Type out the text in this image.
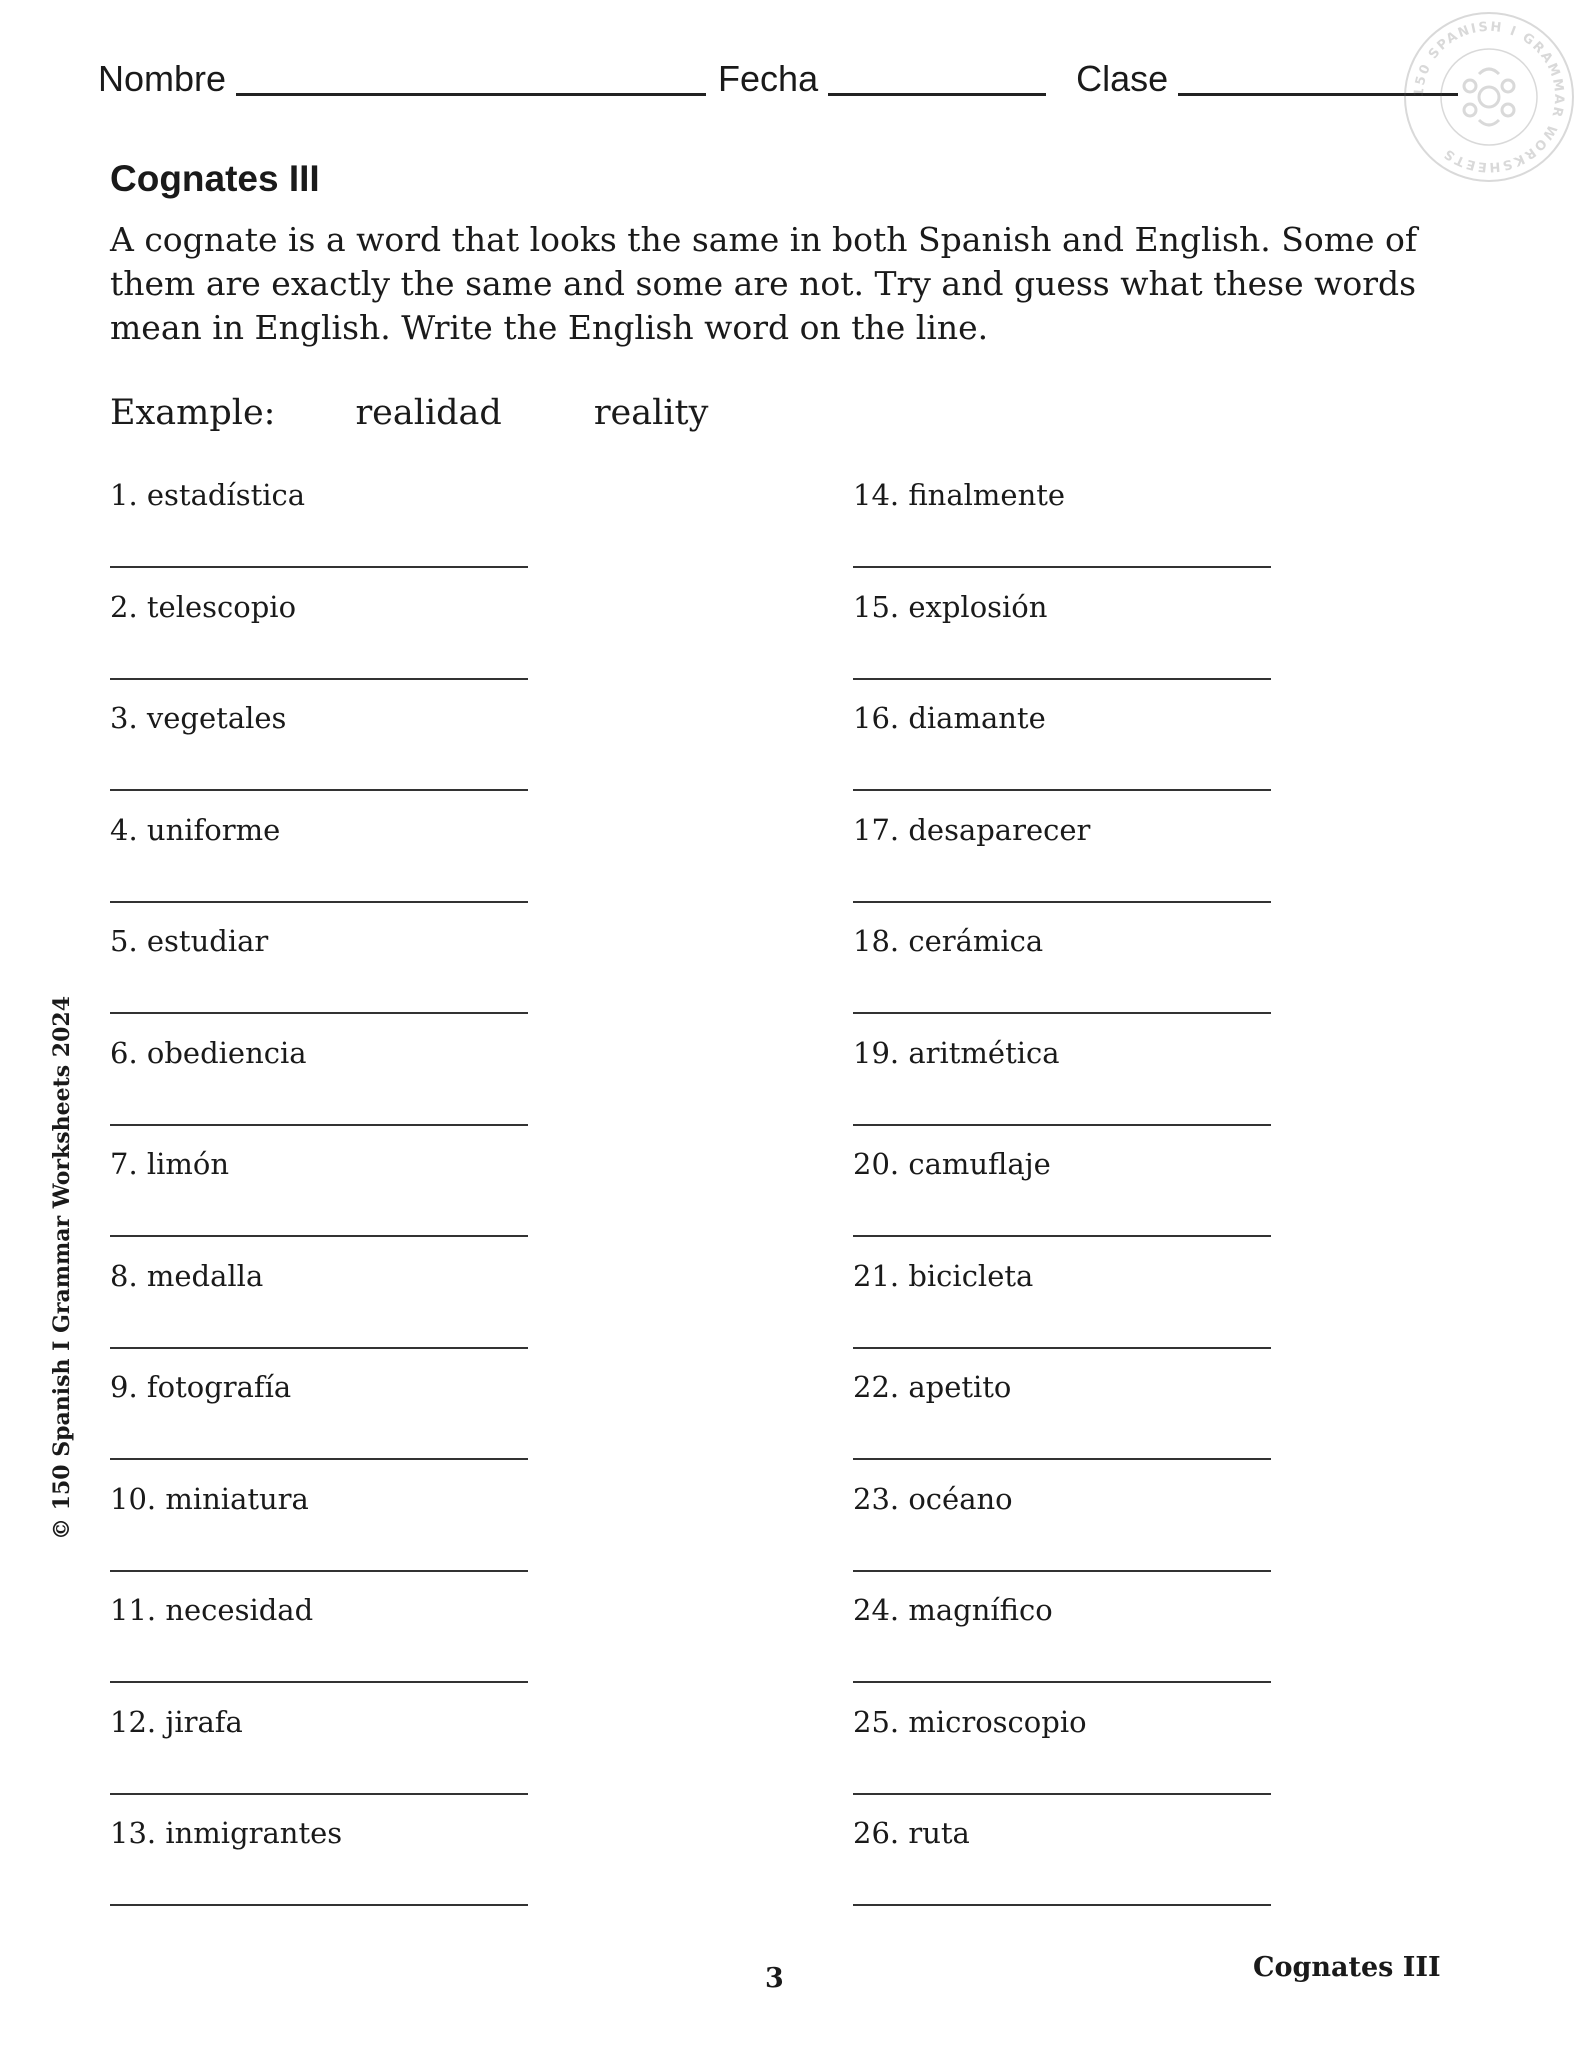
Nombre	Fecha	Clase	150 SPANISH I GRAMMAR WORKSHEETS
Cognates III
A cognate is a word that looks the same in both Spanish and English. Some of them are exactly the same and some are not. Try and guess what these words mean in English. Write the English word on the line.
Example: realidad	reality
1. estadística
2. telescopio
3. vegetales
4. uniforme
5. estudiar
6. obediencia
7. limón
8. medalla
9. fotografía
10. miniatura
11. necesidad
12. jirafa
13. inmigrantes
14. finalmente
15. explosión
16. diamante
17. desaparecer
18. cerámica
19. aritmética
20. camuflaje
21. bicicleta
22. apetito
23. océano
24. magnífico
25. microscopio
26. ruta
© 150 Spanish I Grammar Worksheets 2024
3	Cognates III
